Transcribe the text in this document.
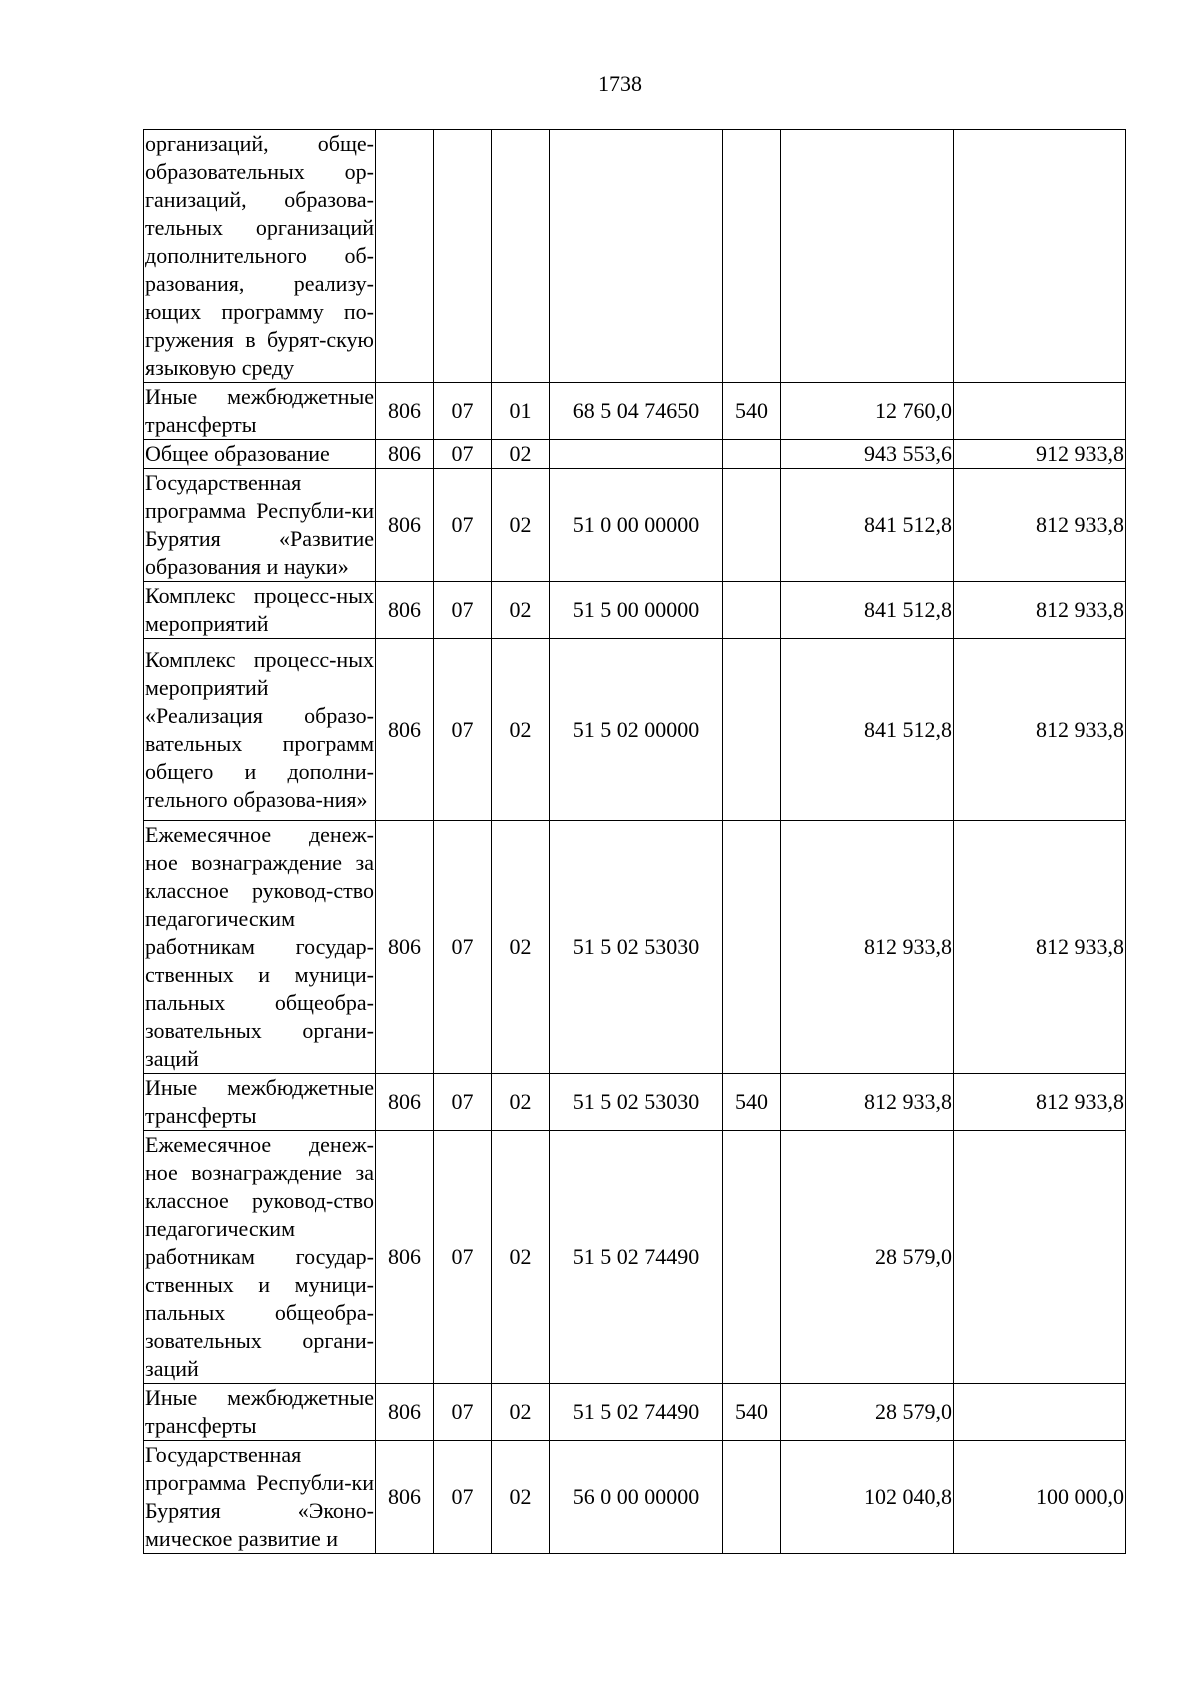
1738
организаций, обще-образовательных ор-ганизаций, образова-тельных организаций дополнительного об-разования, реализу-ющих программу по-гружения в бурят-скую языковую среду							
Иные межбюджетные трансферты	806	07	01	68 5 04 74650	540	12 760,0	
Общее образование	806	07	02			943 553,6	912 933,8
Государственная программа Республи-ки Бурятия «Развитие образования и науки»	806	07	02	51 0 00 00000		841 512,8	812 933,8
Комплекс процесс-ных мероприятий	806	07	02	51 5 00 00000		841 512,8	812 933,8
Комплекс процесс-ных мероприятий «Реализация образо-вательных программ общего и дополни-тельного образова-ния»	806	07	02	51 5 02 00000		841 512,8	812 933,8
Ежемесячное денеж-ное вознаграждение за классное руковод-ство педагогическим работникам государ-ственных и муници-пальных общеобра-зовательных органи-заций	806	07	02	51 5 02 53030		812 933,8	812 933,8
Иные межбюджетные трансферты	806	07	02	51 5 02 53030	540	812 933,8	812 933,8
Ежемесячное денеж-ное вознаграждение за классное руковод-ство педагогическим работникам государ-ственных и муници-пальных общеобра-зовательных органи-заций	806	07	02	51 5 02 74490		28 579,0	
Иные межбюджетные трансферты	806	07	02	51 5 02 74490	540	28 579,0	
Государственная программа Республи-ки Бурятия «Эконо-мическое развитие и	806	07	02	56 0 00 00000		102 040,8	100 000,0
